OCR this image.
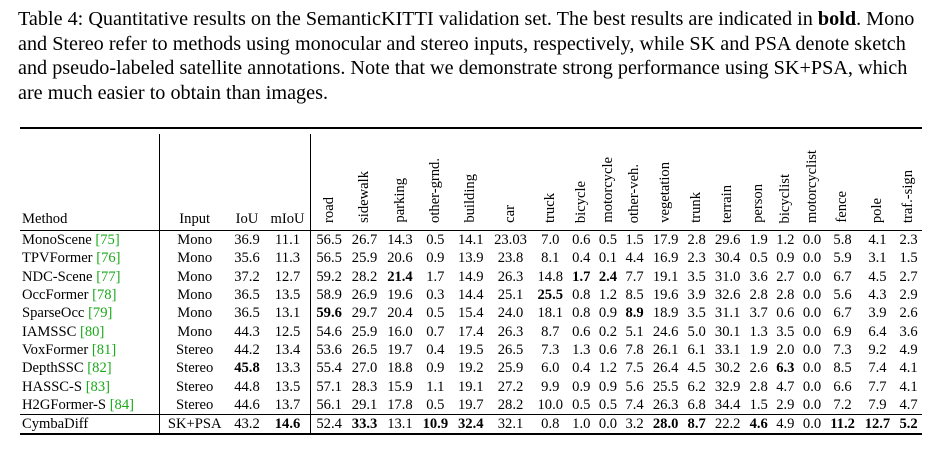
Table 4: Quantitative results on the SemanticKITTI validation set. The best results are indicated in bold. Mono and Stereo refer to methods using monocular and stereo inputs, respectively, while SK and PSA denote sketch and pseudo-labeled satellite annotations. Note that we demonstrate strong performance using SK+PSA, which are much easier to obtain than images.

Method	Input	IoU	mIoU	road	sidewalk	parking	other-grnd.	building	car	truck	bicycle	motorcycle	other-veh.	vegetation	trunk	terrain	person	bicyclist	motorcyclist	fence	pole	traf.-sign
MonoScene [75]	Mono	36.9	11.1	56.5	26.7	14.3	0.5	14.1	23.03	7.0	0.6	0.5	1.5	17.9	2.8	29.6	1.9	1.2	0.0	5.8	4.1	2.3
TPVFormer [76]	Mono	35.6	11.3	56.5	25.9	20.6	0.9	13.9	23.8	8.1	0.4	0.1	4.4	16.9	2.3	30.4	0.5	0.9	0.0	5.9	3.1	1.5
NDC-Scene [77]	Mono	37.2	12.7	59.2	28.2	21.4	1.7	14.9	26.3	14.8	1.7	2.4	7.7	19.1	3.5	31.0	3.6	2.7	0.0	6.7	4.5	2.7
OccFormer [78]	Mono	36.5	13.5	58.9	26.9	19.6	0.3	14.4	25.1	25.5	0.8	1.2	8.5	19.6	3.9	32.6	2.8	2.8	0.0	5.6	4.3	2.9
SparseOcc [79]	Mono	36.5	13.1	59.6	29.7	20.4	0.5	15.4	24.0	18.1	0.8	0.9	8.9	18.9	3.5	31.1	3.7	0.6	0.0	6.7	3.9	2.6
IAMSSC [80]	Mono	44.3	12.5	54.6	25.9	16.0	0.7	17.4	26.3	8.7	0.6	0.2	5.1	24.6	5.0	30.1	1.3	3.5	0.0	6.9	6.4	3.6
VoxFormer [81]	Stereo	44.2	13.4	53.6	26.5	19.7	0.4	19.5	26.5	7.3	1.3	0.6	7.8	26.1	6.1	33.1	1.9	2.0	0.0	7.3	9.2	4.9
DepthSSC [82]	Stereo	45.8	13.3	55.4	27.0	18.8	0.9	19.2	25.9	6.0	0.4	1.2	7.5	26.4	4.5	30.2	2.6	6.3	0.0	8.5	7.4	4.1
HASSC-S [83]	Stereo	44.8	13.5	57.1	28.3	15.9	1.1	19.1	27.2	9.9	0.9	0.9	5.6	25.5	6.2	32.9	2.8	4.7	0.0	6.6	7.7	4.1
H2GFormer-S [84]	Stereo	44.6	13.7	56.1	29.1	17.8	0.5	19.7	28.2	10.0	0.5	0.5	7.4	26.3	6.8	34.4	1.5	2.9	0.0	7.2	7.9	4.7
CymbaDiff	SK+PSA	43.2	14.6	52.4	33.3	13.1	10.9	32.4	32.1	0.8	1.0	0.0	3.2	28.0	8.7	22.2	4.6	4.9	0.0	11.2	12.7	5.2
